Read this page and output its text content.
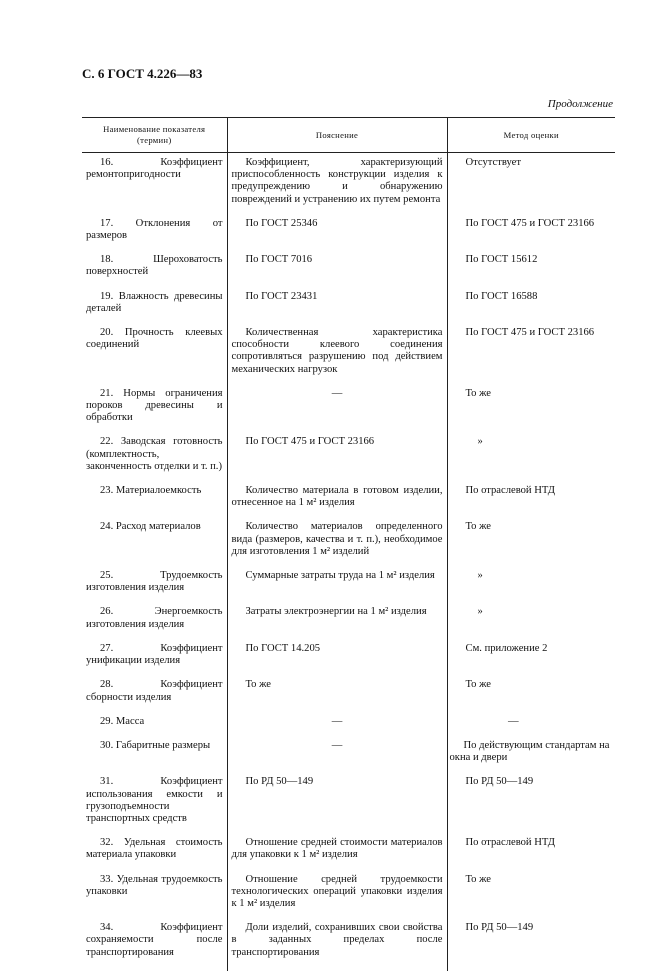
С. 6 ГОСТ 4.226—83
Продолжение
Наименование показателя
(термин)	Пояснение	Метод оценки
16. Коэффициент ремонтопригодности	Коэффициент, характеризующий приспособленность конструкции изделия к предупреждению и обнаружению повреждений и устранению их путем ремонта	Отсутствует
17. Отклонения от размеров	По ГОСТ 25346	По ГОСТ 475 и ГОСТ 23166
18. Шероховатость поверхностей	По ГОСТ 7016	По ГОСТ 15612
19. Влажность древесины деталей	По ГОСТ 23431	По ГОСТ 16588
20. Прочность клеевых соединений	Количественная характеристика способности клеевого соединения сопротивляться разрушению под действием механических нагрузок	По ГОСТ 475 и ГОСТ 23166
21. Нормы ограничения пороков древесины и обработки	—	То же
22. Заводская готовность (комплектность, законченность отделки и т. п.)	По ГОСТ 475 и ГОСТ 23166	»
23. Материалоемкость	Количество материала в готовом изделии, отнесенное на 1 м² изделия	По отраслевой НТД
24. Расход материалов	Количество материалов определенного вида (размеров, качества и т. п.), необходимое для изготовления 1 м² изделий	То же
25. Трудоемкость изготовления изделия	Суммарные затраты труда на 1 м² изделия	»
26. Энергоемкость изготовления изделия	Затраты электроэнергии на 1 м² изделия	»
27. Коэффициент унификации изделия	По ГОСТ 14.205	См. приложение 2
28. Коэффициент сборности изделия	То же	То же
29. Масса	—	—
30. Габаритные размеры	—	По действующим стандартам на окна и двери
31. Коэффициент использования емкости и грузоподъемности транспортных средств	По РД 50—149	По РД 50—149
32. Удельная стоимость материала упаковки	Отношение средней стоимости материалов для упаковки к 1 м² изделия	По отраслевой НТД
33. Удельная трудоемкость упаковки	Отношение средней трудоемкости технологических операций упаковки изделия к 1 м² изделия	То же
34. Коэффициент сохраняемости после транспортирования	Доли изделий, сохранивших свои свойства в заданных пределах после транспортирования	По РД 50—149
